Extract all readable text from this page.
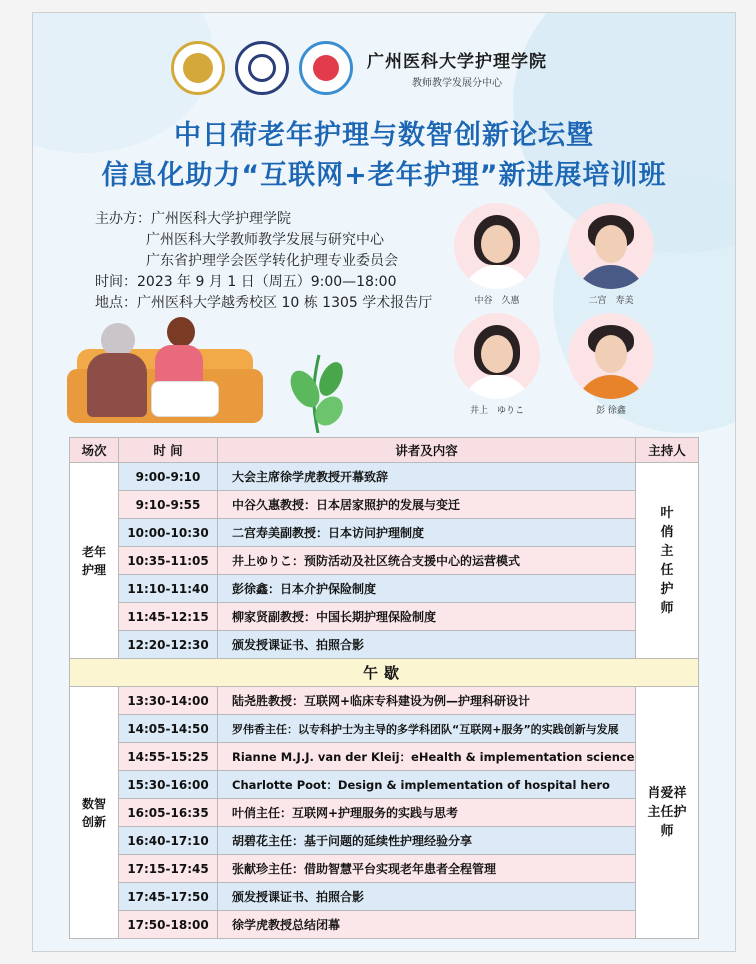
广州医科大学护理学院
教师教学发展分中心
中日荷老年护理与数智创新论坛暨
信息化助力“互联网+老年护理”新进展培训班
主办方：广州医科大学护理学院
广州医科大学教师教学发展与研究中心
广东省护理学会医学转化护理专业委员会
时间：2023 年 9 月 1 日（周五）9:00—18:00
地点：广州医科大学越秀校区 10 栋 1305 学术报告厅	中谷　久惠	二宫　寿美
井上　ゆりこ	彭 徐鑫
场次	时 间	讲者及内容	主持人

老年护理	9:00-9:10	大会主席徐学虎教授开幕致辞	叶俏主任护师

	9:10-9:55	中谷久惠教授：日本居家照护的发展与变迁	
	10:00-10:30	二宫寿美副教授：日本访问护理制度	
	10:35-11:05	井上ゆりこ：预防活动及社区统合支援中心的运营模式	
	11:10-11:40	彭徐鑫：日本介护保险制度	
	11:45-12:15	柳家贤副教授：中国长期护理保险制度	
	12:20-12:30	颁发授课证书、拍照合影	
午歇			

数智创新	13:30-14:00	陆尧胜教授：互联网+临床专科建设为例—护理科研设计	肖爱祥主任护师

	14:05-14:50	罗伟香主任：以专科护士为主导的多学科团队“互联网+服务”的实践创新与发展	
	14:55-15:25	Rianne M.J.J. van der Kleij：eHealth & implementation science	
	15:30-16:00	Charlotte Poot：Design & implementation of hospital hero	
	16:05-16:35	叶俏主任：互联网+护理服务的实践与思考	
	16:40-17:10	胡碧花主任：基于问题的延续性护理经验分享	
	17:15-17:45	张献珍主任：借助智慧平台实现老年患者全程管理	
	17:45-17:50	颁发授课证书、拍照合影	
	17:50-18:00	徐学虎教授总结闭幕	
